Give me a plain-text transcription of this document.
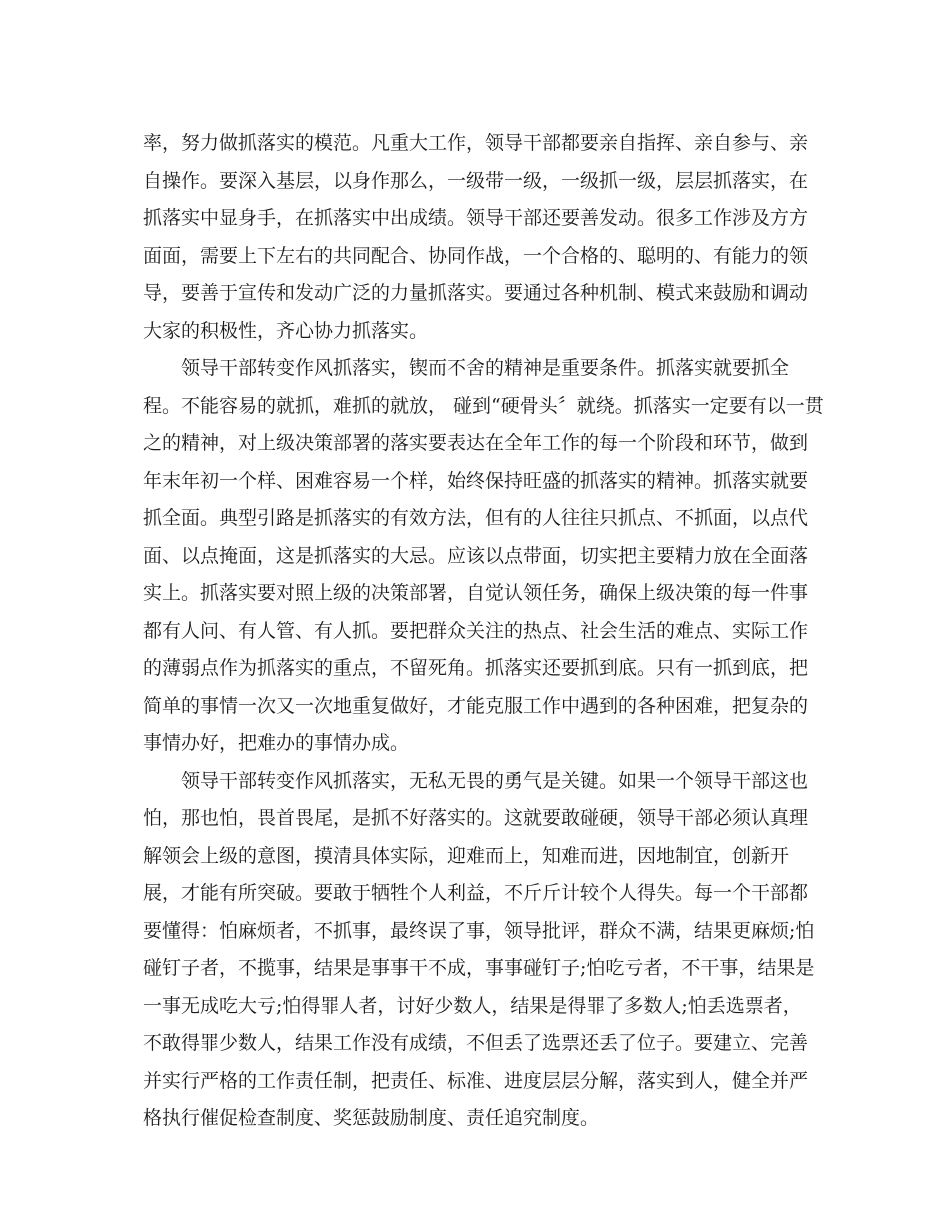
率，努力做抓落实的模范。凡重大工作，领导干部都要亲自指挥、亲自参与、亲
自操作。要深入基层，以身作那么，一级带一级，一级抓一级，层层抓落实，在
抓落实中显身手，在抓落实中出成绩。领导干部还要善发动。很多工作涉及方方
面面，需要上下左右的共同配合、协同作战，一个合格的、聪明的、有能力的领
导，要善于宣传和发动广泛的力量抓落实。要通过各种机制、模式来鼓励和调动
大家的积极性，齐心协力抓落实。
　　领导干部转变作风抓落实，锲而不舍的精神是重要条件。抓落实就要抓全
程。不能容易的就抓，难抓的就放， 碰到“硬骨头〞就绕。抓落实一定要有以一贯
之的精神，对上级决策部署的落实要表达在全年工作的每一个阶段和环节，做到
年末年初一个样、困难容易一个样，始终保持旺盛的抓落实的精神。抓落实就要
抓全面。典型引路是抓落实的有效方法，但有的人往往只抓点、不抓面，以点代
面、以点掩面，这是抓落实的大忌。应该以点带面，切实把主要精力放在全面落
实上。抓落实要对照上级的决策部署，自觉认领任务，确保上级决策的每一件事
都有人问、有人管、有人抓。要把群众关注的热点、社会生活的难点、实际工作
的薄弱点作为抓落实的重点，不留死角。抓落实还要抓到底。只有一抓到底，把
简单的事情一次又一次地重复做好，才能克服工作中遇到的各种困难，把复杂的
事情办好，把难办的事情办成。
　　领导干部转变作风抓落实，无私无畏的勇气是关键。如果一个领导干部这也
怕，那也怕，畏首畏尾，是抓不好落实的。这就要敢碰硬，领导干部必须认真理
解领会上级的意图，摸清具体实际，迎难而上，知难而进，因地制宜，创新开
展，才能有所突破。要敢于牺牲个人利益，不斤斤计较个人得失。每一个干部都
要懂得：怕麻烦者，不抓事，最终误了事，领导批评，群众不满，结果更麻烦;怕
碰钉子者，不揽事，结果是事事干不成，事事碰钉子;怕吃亏者，不干事，结果是
一事无成吃大亏;怕得罪人者，讨好少数人，结果是得罪了多数人;怕丢选票者，
不敢得罪少数人，结果工作没有成绩，不但丢了选票还丢了位子。要建立、完善
并实行严格的工作责任制，把责任、标准、进度层层分解，落实到人，健全并严
格执行催促检查制度、奖惩鼓励制度、责任追究制度。
